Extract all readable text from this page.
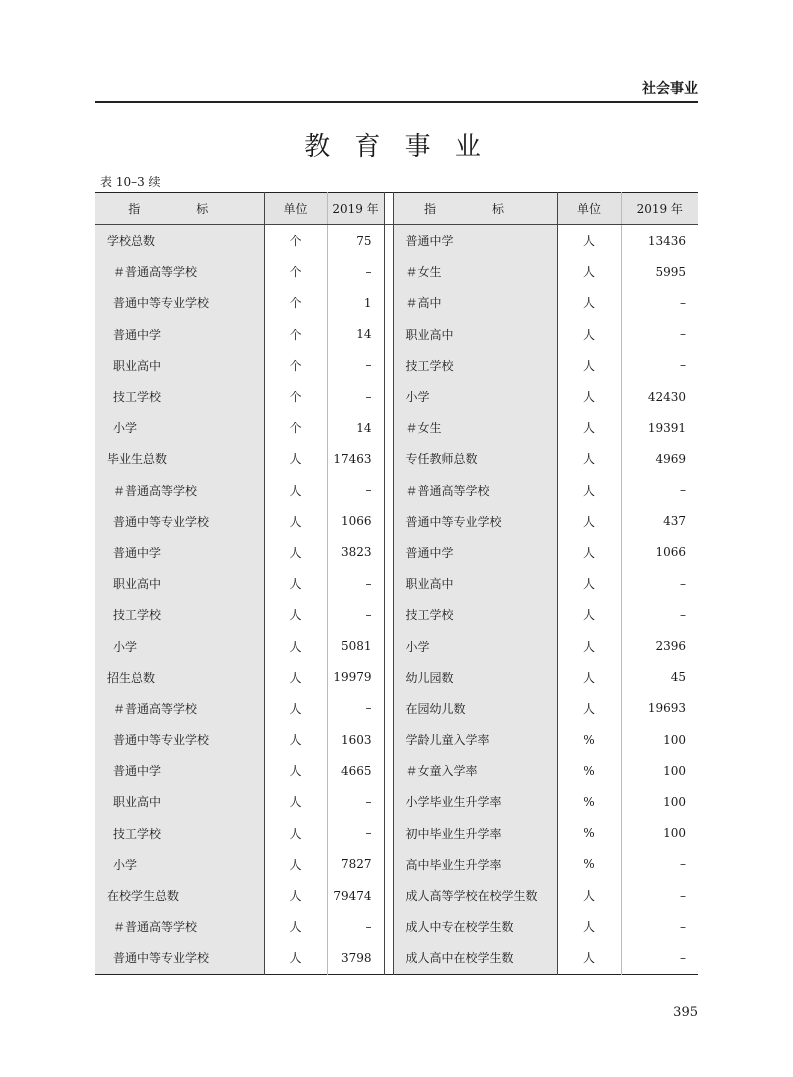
社会事业
教 育 事 业
表 10–3 续
指　标	单位	2019 年		指　标	单位	2019 年
学校总数	个	75		普通中学	人	13436
＃普通高等学校	个	–		＃女生	人	5995
普通中等专业学校	个	1		＃高中	人	–
普通中学	个	14		职业高中	人	–
职业高中	个	–		技工学校	人	–
技工学校	个	–		小学	人	42430
小学	个	14		＃女生	人	19391
毕业生总数	人	17463		专任教师总数	人	4969
＃普通高等学校	人	–		＃普通高等学校	人	–
普通中等专业学校	人	1066		普通中等专业学校	人	437
普通中学	人	3823		普通中学	人	1066
职业高中	人	–		职业高中	人	–
技工学校	人	–		技工学校	人	–
小学	人	5081		小学	人	2396
招生总数	人	19979		幼儿园数	人	45
＃普通高等学校	人	–		在园幼儿数	人	19693
普通中等专业学校	人	1603		学龄儿童入学率	%	100
普通中学	人	4665		＃女童入学率	%	100
职业高中	人	–		小学毕业生升学率	%	100
技工学校	人	–		初中毕业生升学率	%	100
小学	人	7827		高中毕业生升学率	%	–
在校学生总数	人	79474		成人高等学校在校学生数	人	–
＃普通高等学校	人	–		成人中专在校学生数	人	–
普通中等专业学校	人	3798		成人高中在校学生数	人	–
395
